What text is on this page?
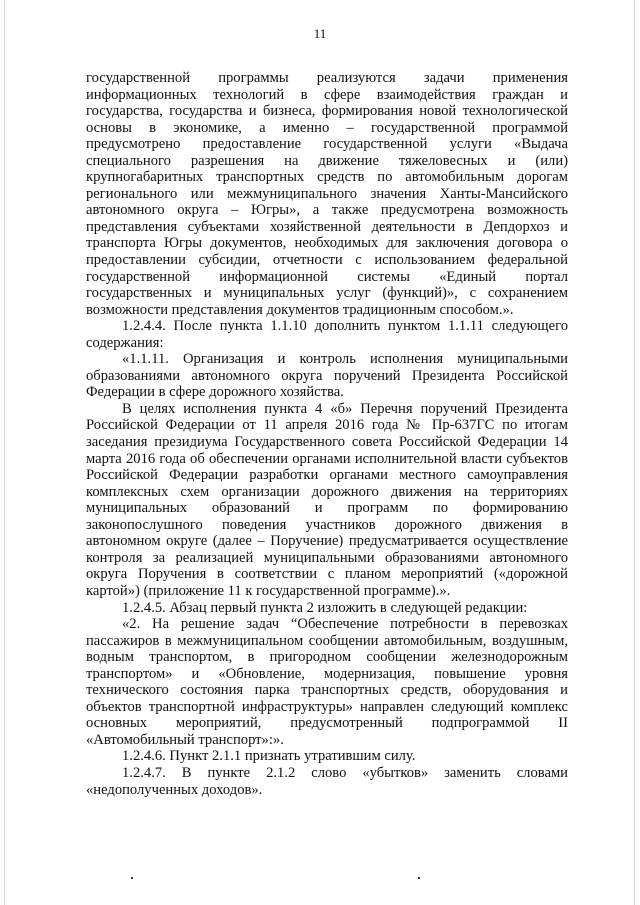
11

государственной программы реализуются задачи применения информационных технологий в сфере взаимодействия граждан и государства, государства и бизнеса, формирования новой технологической основы в экономике, а именно – государственной программой предусмотрено предоставление государственной услуги «Выдача специального разрешения на движение тяжеловесных и (или) крупногабаритных транспортных средств по автомобильным дорогам регионального или межмуниципального значения Ханты-Мансийского автономного округа – Югры», а также предусмотрена возможность представления субъектами хозяйственной деятельности в Депдорхоз и транспорта Югры документов, необходимых для заключения договора о предоставлении субсидии, отчетности с использованием федеральной государственной информационной системы «Единый портал государственных и муниципальных услуг (функций)», с сохранением возможности представления документов традиционным способом.».

1.2.4.4. После пункта 1.1.10 дополнить пунктом 1.1.11 следующего содержания:

«1.1.11. Организация и контроль исполнения муниципальными образованиями автономного округа поручений Президента Российской Федерации в сфере дорожного хозяйства.

В целях исполнения пункта 4 «б» Перечня поручений Президента Российской Федерации от 11 апреля 2016 года № Пр-637ГС по итогам заседания президиума Государственного совета Российской Федерации 14 марта 2016 года об обеспечении органами исполнительной власти субъектов Российской Федерации разработки органами местного самоуправления комплексных схем организации дорожного движения на территориях муниципальных образований и программ по формированию законопослушного поведения участников дорожного движения в автономном округе (далее – Поручение) предусматривается осуществление контроля за реализацией муниципальными образованиями автономного округа Поручения в соответствии с планом мероприятий («дорожной картой») (приложение 11 к государственной программе).».

1.2.4.5. Абзац первый пункта 2 изложить в следующей редакции:

«2. На решение задач “Обеспечение потребности в перевозках пассажиров в межмуниципальном сообщении автомобильным, воздушным, водным транспортом, в пригородном сообщении железнодорожным транспортом» и «Обновление, модернизация, повышение уровня технического состояния парка транспортных средств, оборудования и объектов транспортной инфраструктуры» направлен следующий комплекс основных мероприятий, предусмотренный подпрограммой II «Автомобильный транспорт»:».

1.2.4.6. Пункт 2.1.1 признать утратившим силу.

1.2.4.7. В пункте 2.1.2 слово «убытков» заменить словами «недополученных доходов».
